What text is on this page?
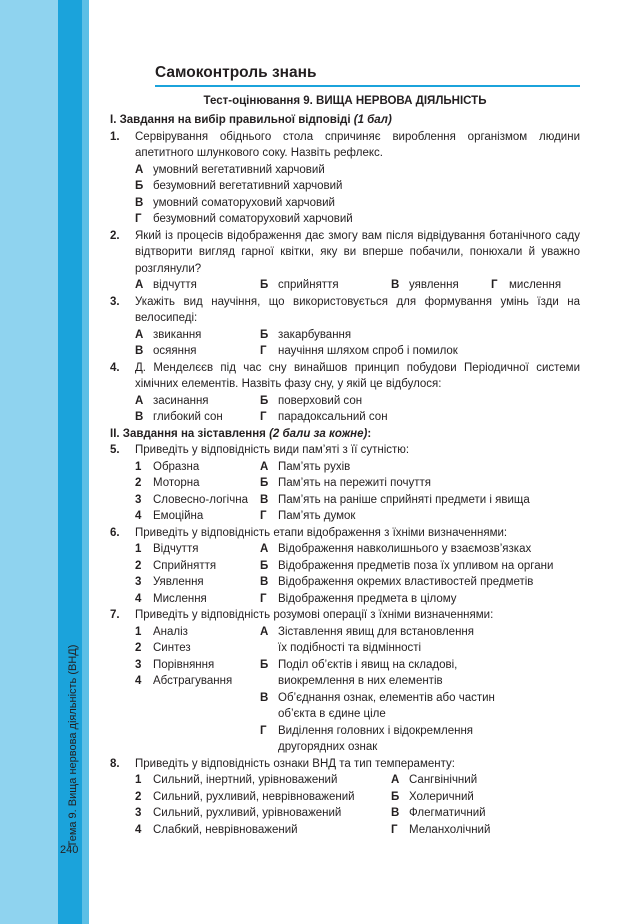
Тема 9. Вища нервова діяльність (ВНД)
240
Самоконтроль знань
Тест-оцінювання 9. ВИЩА НЕРВОВА ДІЯЛЬНІСТЬ
I. Завдання на вибір правильної відповіді (1 бал)
1.	Сервірування обіднього стола спричиняє вироблення організмом людини апетитного шлункового соку. Назвіть рефлекс.
А умовний вегетативний харчовий
Б безумовний вегетативний харчовий
В умовний соматоруховий харчовий
Г безумовний соматоруховий харчовий
2.	Який із процесів відображення дає змогу вам після відвідування ботанічного саду відтворити вигляд гарної квітки, яку ви вперше побачили, понюхали й уважно розглянули?
А відчуття	Б сприйняття	В уявлення	Г мислення
3.	Укажіть вид научіння, що використовується для формування умінь їзди на велосипеді:
А звикання	Б закарбування
В осяяння	Г научіння шляхом спроб і помилок
4.	Д. Менделєєв під час сну винайшов принцип побудови Періодичної системи хімічних елементів. Назвіть фазу сну, у якій це відбулося:
А засинання	Б поверховий сон
В глибокий сон	Г парадоксальний сон
II. Завдання на зіставлення (2 бали за кожне):
5.	Приведіть у відповідність види пам’яті з її сутністю:
1	Образна	А Пам’ять рухів
2	Моторна	Б Пам’ять на пережиті почуття
3	Словесно-логічна В Пам’ять на раніше сприйняті предмети і явища
4	Емоційна	Г Пам’ять думок
6.	Приведіть у відповідність етапи відображення з їхніми визначеннями:
1	Відчуття	А Відображення навколишнього у взаємозв’язках
2	Сприйняття	Б Відображення предметів поза їх упливом на органи
3	Уявлення	В Відображення окремих властивостей предметів
4	Мислення	Г Відображення предмета в цілому
7.	Приведіть у відповідність розумові операції з їхніми визначеннями:
1	Аналіз	А Зіставлення явищ для встановлення
2	Синтез	їх подібності та відмінності
3	Порівняння	Б Поділ об’єктів і явищ на складові,
4	Абстрагування	виокремлення в них елементів
В Об’єднання ознак, елементів або частин
об’єкта в єдине ціле
Г Виділення головних і відокремлення
другорядних ознак
8.	Приведіть у відповідність ознаки ВНД та тип темпераменту:
1	Сильний, інертний, урівноважений	А Сангвінічний
2	Сильний, рухливий, неврівноважений	Б Холеричний
3	Сильний, рухливий, урівноважений	В Флегматичний
4	Слабкий, неврівноважений	Г Меланхолічний
